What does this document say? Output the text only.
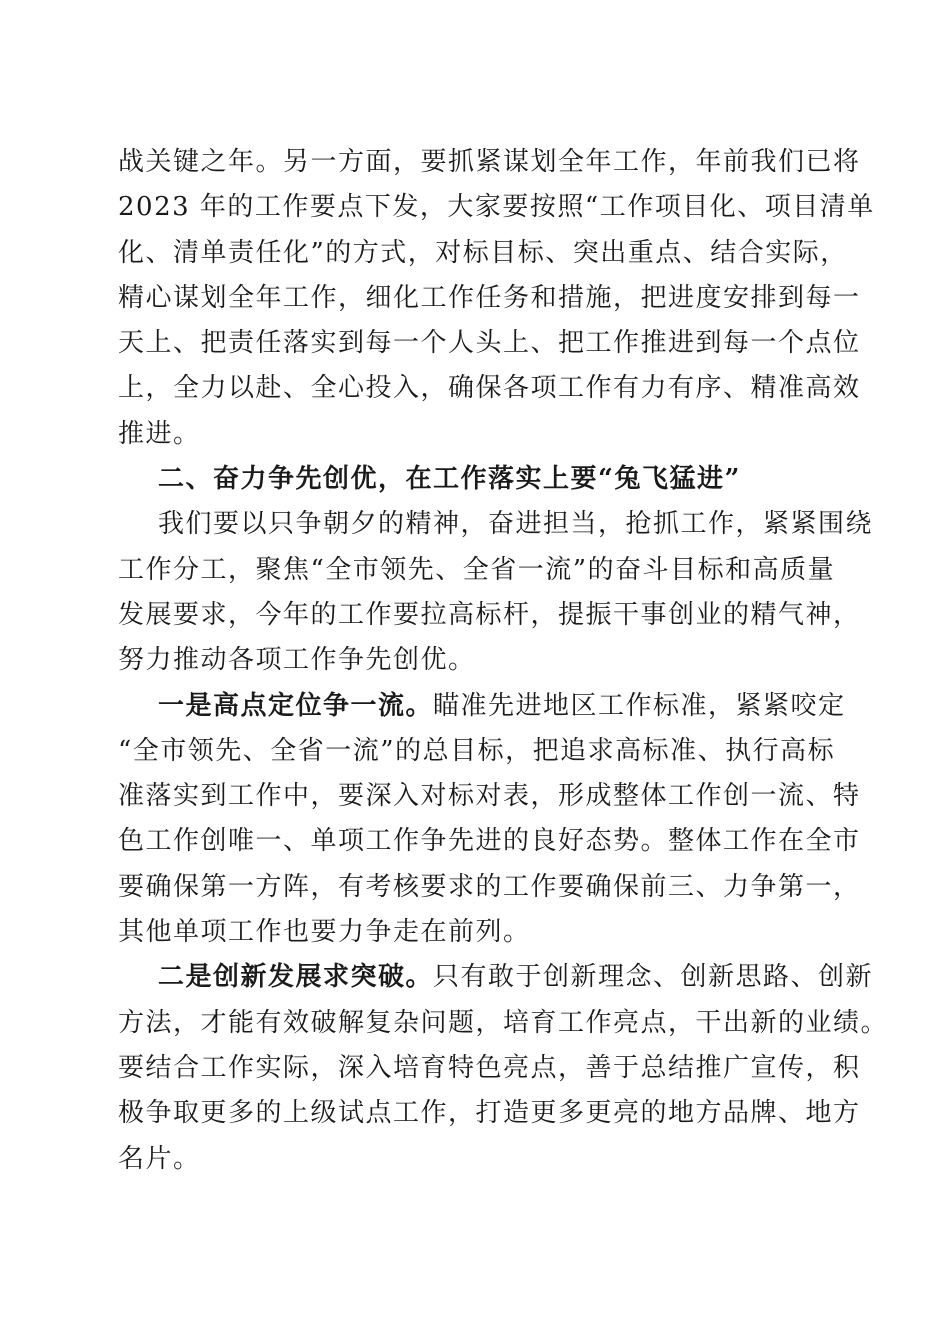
战关键之年。另一方面，要抓紧谋划全年工作，年前我们已将
2023 年的工作要点下发，大家要按照“工作项目化、项目清单
化、清单责任化”的方式，对标目标、突出重点、结合实际，
精心谋划全年工作，细化工作任务和措施，把进度安排到每一
天上、把责任落实到每一个人头上、把工作推进到每一个点位
上，全力以赴、全心投入，确保各项工作有力有序、精准高效
推进。
二、奋力争先创优，在工作落实上要“兔飞猛进”
我们要以只争朝夕的精神，奋进担当，抢抓工作，紧紧围绕
工作分工，聚焦“全市领先、全省一流”的奋斗目标和高质量
发展要求，今年的工作要拉高标杆，提振干事创业的精气神，
努力推动各项工作争先创优。
一是高点定位争一流。瞄准先进地区工作标准，紧紧咬定
“全市领先、全省一流”的总目标，把追求高标准、执行高标
准落实到工作中，要深入对标对表，形成整体工作创一流、特
色工作创唯一、单项工作争先进的良好态势。整体工作在全市
要确保第一方阵，有考核要求的工作要确保前三、力争第一，
其他单项工作也要力争走在前列。
二是创新发展求突破。只有敢于创新理念、创新思路、创新
方法，才能有效破解复杂问题，培育工作亮点，干出新的业绩。
要结合工作实际，深入培育特色亮点，善于总结推广宣传，积
极争取更多的上级试点工作，打造更多更亮的地方品牌、地方
名片。
